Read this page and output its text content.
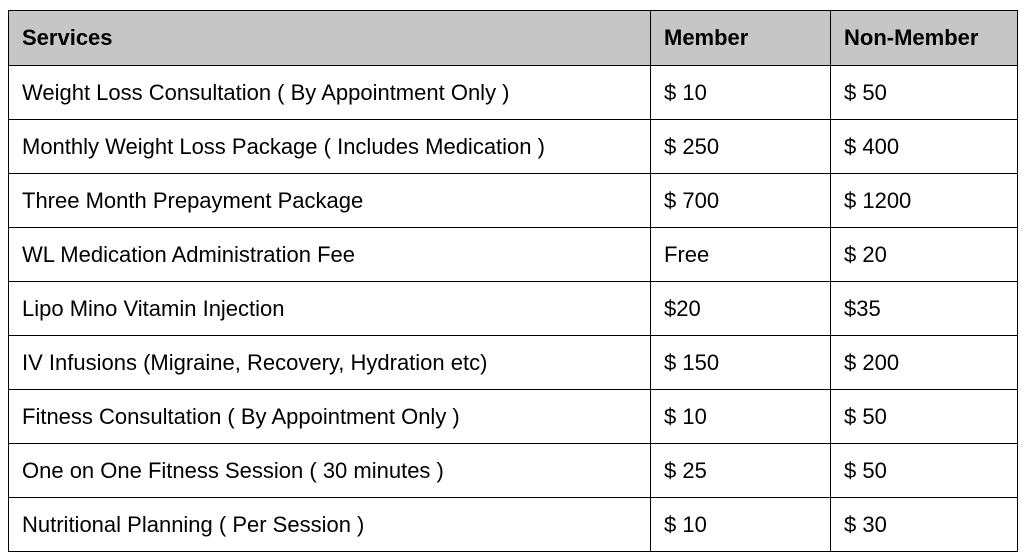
Services	Member	Non-Member
Weight Loss Consultation ( By Appointment Only )	$ 10	$ 50
Monthly Weight Loss Package ( Includes Medication )	$ 250	$ 400
Three Month Prepayment Package	$ 700	$ 1200
WL Medication Administration Fee	Free	$ 20
Lipo Mino Vitamin Injection	$20	$35
IV Infusions (Migraine, Recovery, Hydration etc)	$ 150	$ 200
Fitness Consultation ( By Appointment Only )	$ 10	$ 50
One on One Fitness Session ( 30 minutes )	$ 25	$ 50
Nutritional Planning ( Per Session )	$ 10	$ 30
